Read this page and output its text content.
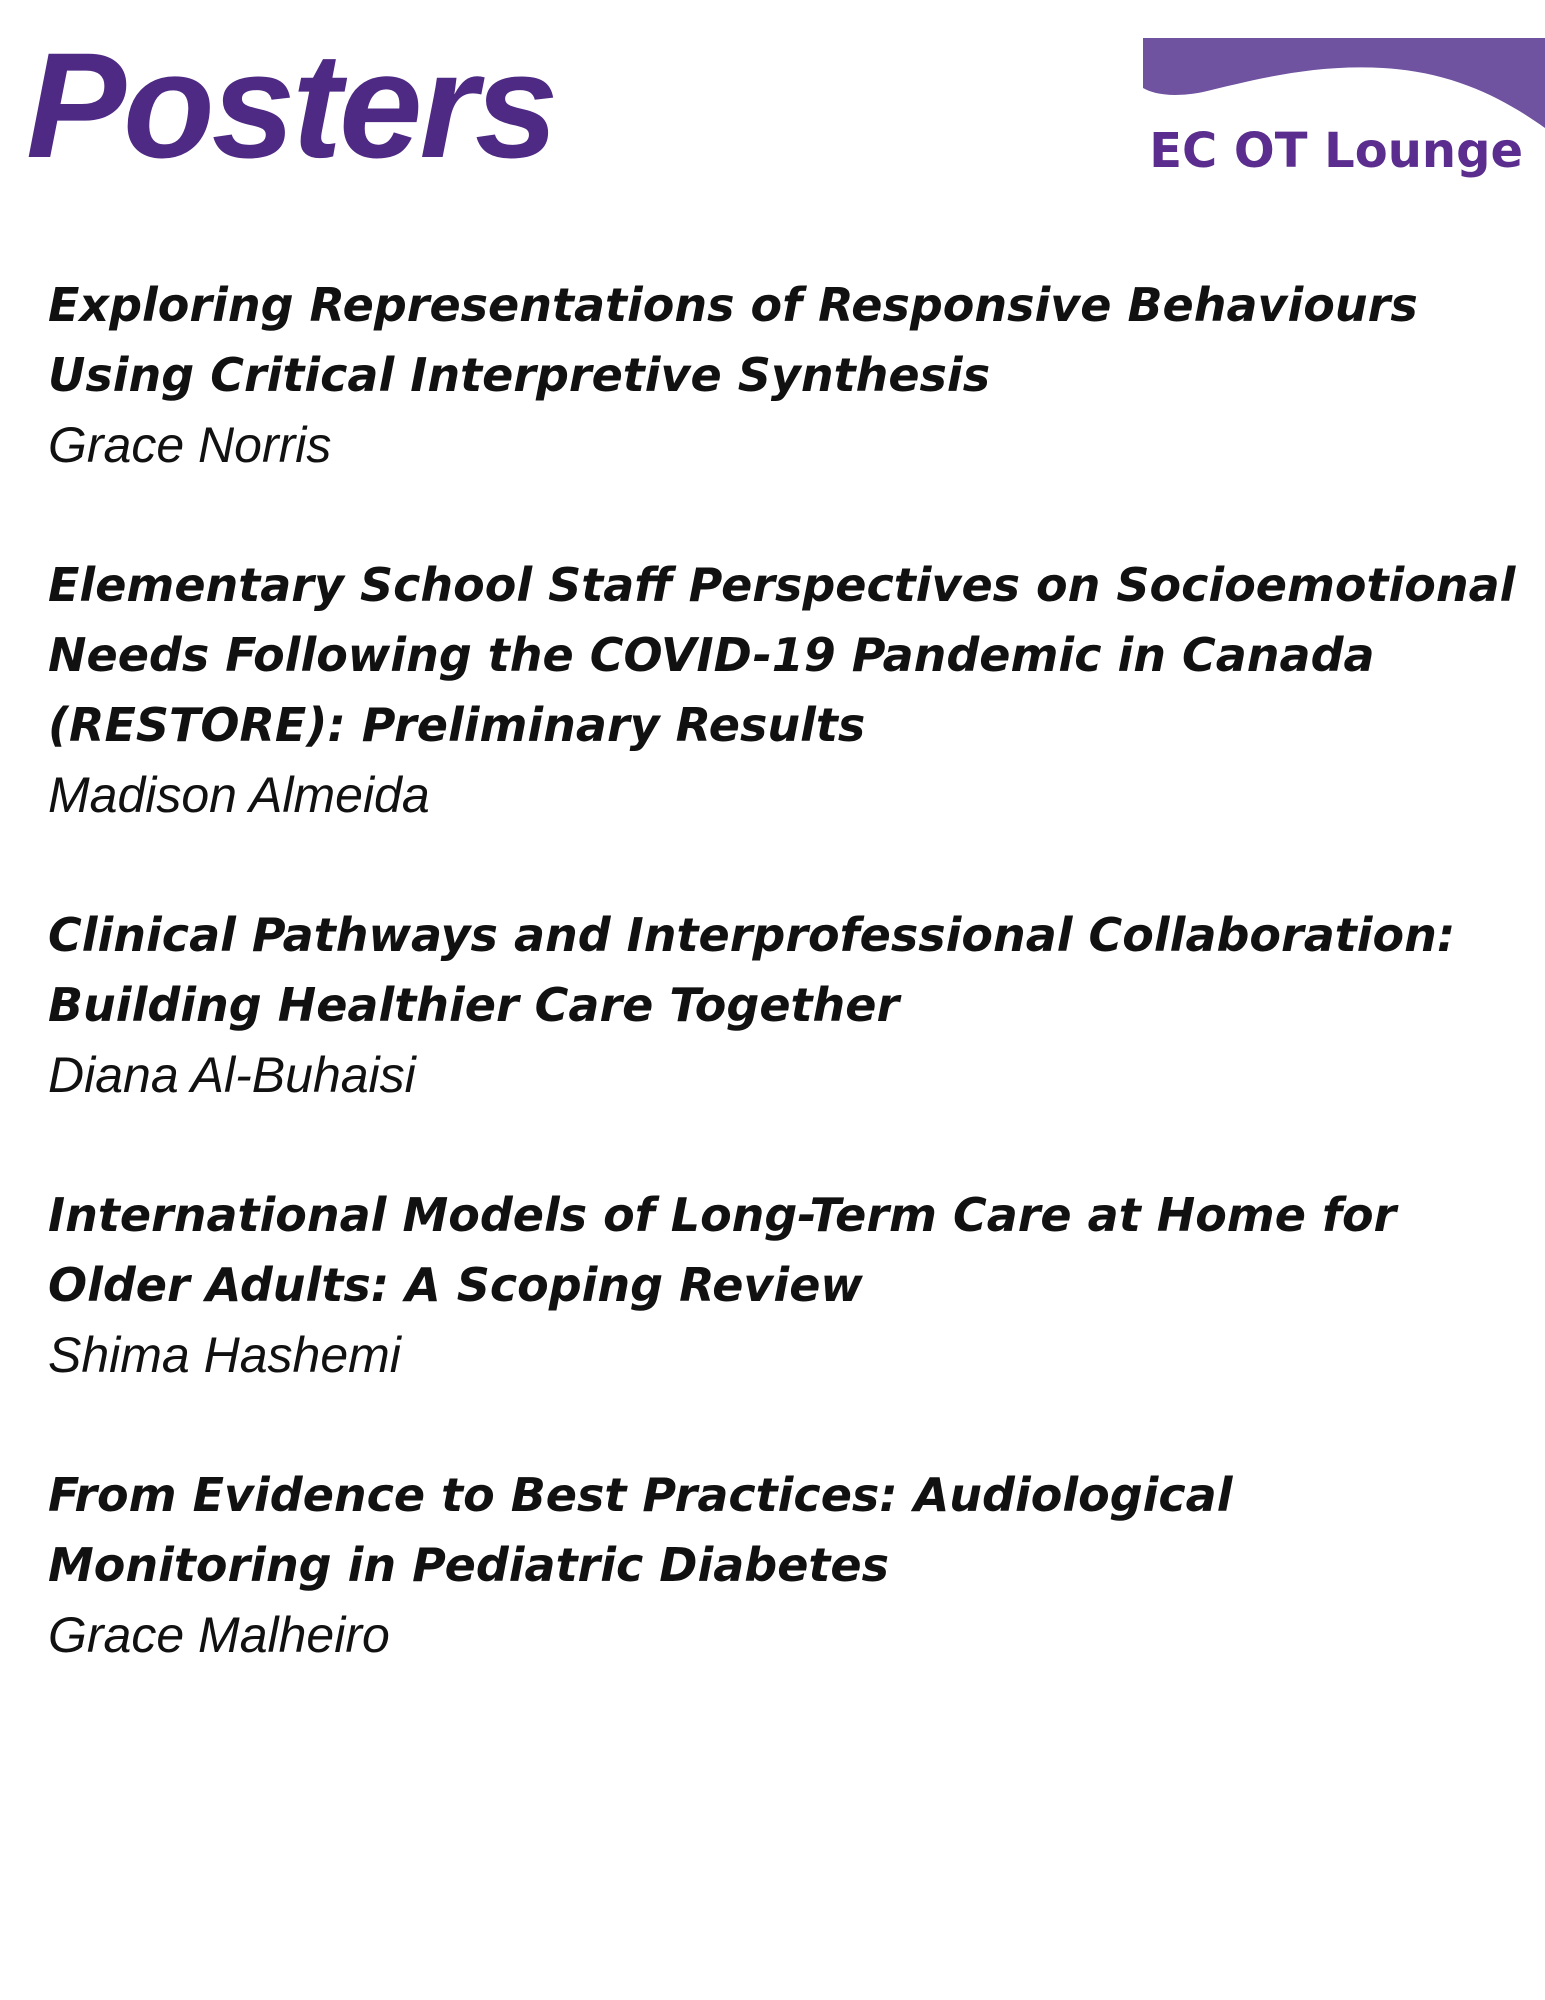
Posters	EC OT Lounge

Exploring Representations of Responsive Behaviours Using Critical Interpretive Synthesis

Grace Norris

Elementary School Staff Perspectives on Socioemotional Needs Following the COVID-19 Pandemic in Canada (RESTORE): Preliminary Results

Madison Almeida

Clinical Pathways and Interprofessional Collaboration: Building Healthier Care Together

Diana Al-Buhaisi

International Models of Long-Term Care at Home for Older Adults: A Scoping Review

Shima Hashemi

From Evidence to Best Practices: Audiological Monitoring in Pediatric Diabetes

Grace Malheiro
